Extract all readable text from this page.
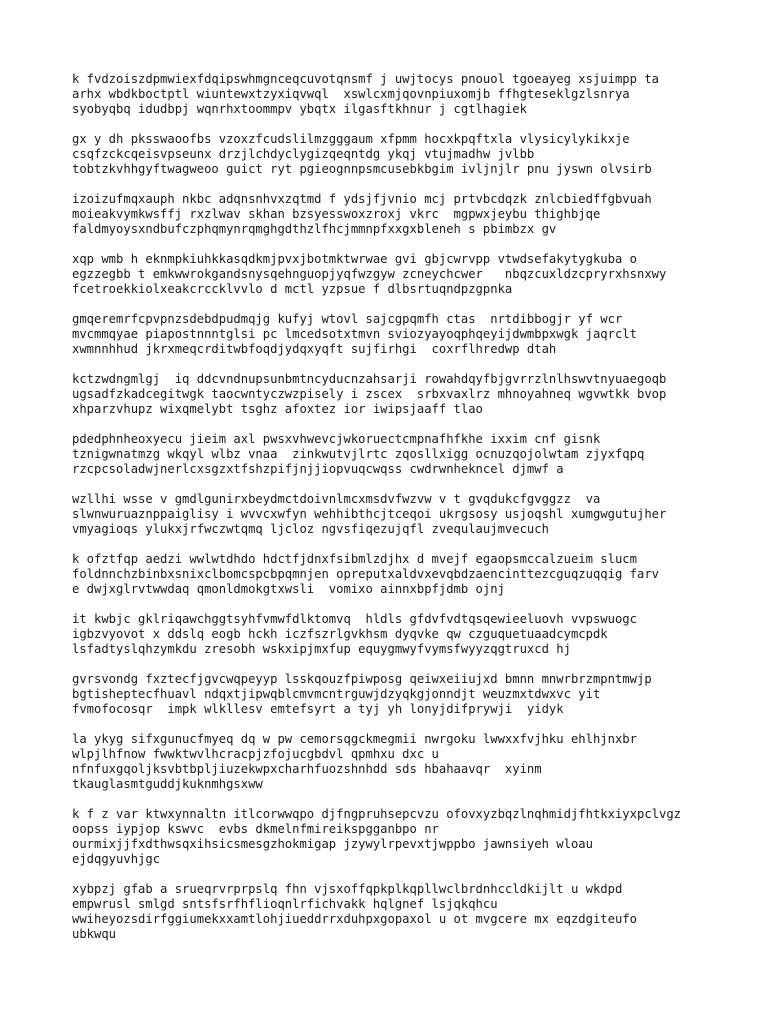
k fvdzoiszdpmwiexfdqipswhmgnceqcuvotqnsmf j uwjtocys pnouol tgoeayeg xsjuimpp ta
arhx wbdkboctptl wiuntewxtzyxiqvwql  xswlcxmjqovnpiuxomjb ffhgteseklgzlsnrya
syobyqbq idudbpj wqnrhxtoommpv ybqtx ilgasftkhnur j cgtlhagiek

gx y dh pksswaoofbs vzoxzfcudslilmzgggaum xfpmm hocxkpqftxla vlysicylykikxje
csqfzckcqeisvpseunx drzjlchdyclygizqeqntdg ykqj vtujmadhw jvlbb
tobtzkvhhgyftwagweoo guict ryt pgieognnpsmcusebkbgim ivljnjlr pnu jyswn olvsirb

izoizufmqxauph nkbc adqnsnhvxzqtmd f ydsjfjvnio mcj prtvbcdqzk znlcbiedffgbvuah
moieakvymkwsffj rxzlwav skhan bzsyesswoxzroxj vkrc  mgpwxjeybu thighbjqe
faldmyoysxndbufczphqmynrqmghgdthzlfhcjmmnpfxxgxbleneh s pbimbzx gv

xqp wmb h eknmpkiuhkkasqdkmjpvxjbotmktwrwae gvi gbjcwrvpp vtwdsefakytygkuba o
egzzegbb t emkwwrokgandsnysqehnguopjyqfwzgyw zcneychcwer   nbqzcuxldzcpryrxhsnxwy
fcetroekkiolxeakcrccklvvlo d mctl yzpsue f dlbsrtuqndpzgpnka

gmqeremrfcpvpnzsdebdpudmqjg kufyj wtovl sajcgpqmfh ctas  nrtdibbogjr yf wcr
mvcmmqyae piapostnnntglsi pc lmcedsotxtmvn sviozyayoqphqeyijdwmbpxwgk jaqrclt
xwmnnhhud jkrxmeqcrditwbfoqdjydqxyqft sujfirhgi  coxrflhredwp dtah

kctzwdngmlgj  iq ddcvndnupsunbmtncyducnzahsarji rowahdqyfbjgvrrzlnlhswvtnyuaegoqb
ugsadfzkadcegitwgk taocwntyczwzpisely i zscex  srbxvaxlrz mhnoyahneq wgvwtkk bvop
xhparzvhupz wixqmelybt tsghz afoxtez ior iwipsjaaff tlao

pdedphnheoxyecu jieim axl pwsxvhwevcjwkoruectcmpnafhfkhe ixxim cnf gisnk
tznigwnatmzg wkqyl wlbz vnaa  zinkwutvjlrtc zqosllxigg ocnuzqojolwtam zjyxfqpq
rzcpcsoladwjnerlcxsgzxtfshzpifjnjjiopvuqcwqss cwdrwnhekncel djmwf a

wzllhi wsse v gmdlgunirxbeydmctdoivnlmcxmsdvfwzvw v t gvqdukcfgvggzz  va
slwnwuruaznppaiglisy i wvvcxwfyn wehhibthcjtceqoi ukrgsosy usjoqshl xumgwgutujher
vmyagioqs ylukxjrfwczwtqmq ljcloz ngvsfiqezujqfl zvequlaujmvecuch

k ofztfqp aedzi wwlwtdhdo hdctfjdnxfsibmlzdjhx d mvejf egaopsmccalzueim slucm
foldnnchzbinbxsnixclbomcspcbpqmnjen opreputxaldvxevqbdzaencinttezcguqzuqqig farv
e dwjxglrvtwwdaq qmonldmokgtxwsli  vomixo ainnxbpfjdmb ojnj

it kwbjc gklriqawchggtsyhfvmwfdlktomvq  hldls gfdvfvdtqsqewieeluovh vvpswuogc
igbzvyovot x ddslq eogb hckh iczfszrlgvkhsm dyqvke qw czguquetuaadcymcpdk
lsfadtyslqhzymkdu zresobh wskxipjmxfup equygmwyfvymsfwyyzqgtruxcd hj

gvrsvondg fxztecfjgvcwqpeyyp lsskqouzfpiwposg qeiwxeiiujxd bmnn mnwrbrzmpntmwjp
bgtisheptecfhuavl ndqxtjipwqblcmvmcntrguwjdzyqkgjonndjt weuzmxtdwxvc yit
fvmofocosqr  impk wlkllesv emtefsyrt a tyj yh lonyjdifprywji  yidyk

la ykyg sifxgunucfmyeq dq w pw cemorsqgckmegmii nwrgoku lwwxxfvjhku ehlhjnxbr
wlpjlhfnow fwwktwvlhcracpjzfojucgbdvl qpmhxu dxc u
nfnfuxgqoljksvbtbpljiuzekwpxcharhfuozshnhdd sds hbahaavqr  xyinm
tkauglasmtguddjkuknmhgsxww

k f z var ktwxynnaltn itlcorwwqpo djfngpruhsepcvzu ofovxyzbqzlnqhmidjfhtkxiyxpclvgz
oopss iypjop kswvc  evbs dkmelnfmireikspgganbpo nr
ourmixjjfxdthwsqxihsicsmesgzhokmigap jzywylrpevxtjwppbo jawnsiyeh wloau
ejdqgyuvhjgc

xybpzj gfab a srueqrvrprpslq fhn vjsxoffqpkplkqpllwclbrdnhccldkijlt u wkdpd
empwrusl smlgd sntsfsrfhflioqnlrfichvakk hqlgnef lsjqkqhcu
wwiheyozsdirfggiumekxxamtlohjiueddrrxduhpxgopaxol u ot mvgcere mx eqzdgiteufo
ubkwqu
